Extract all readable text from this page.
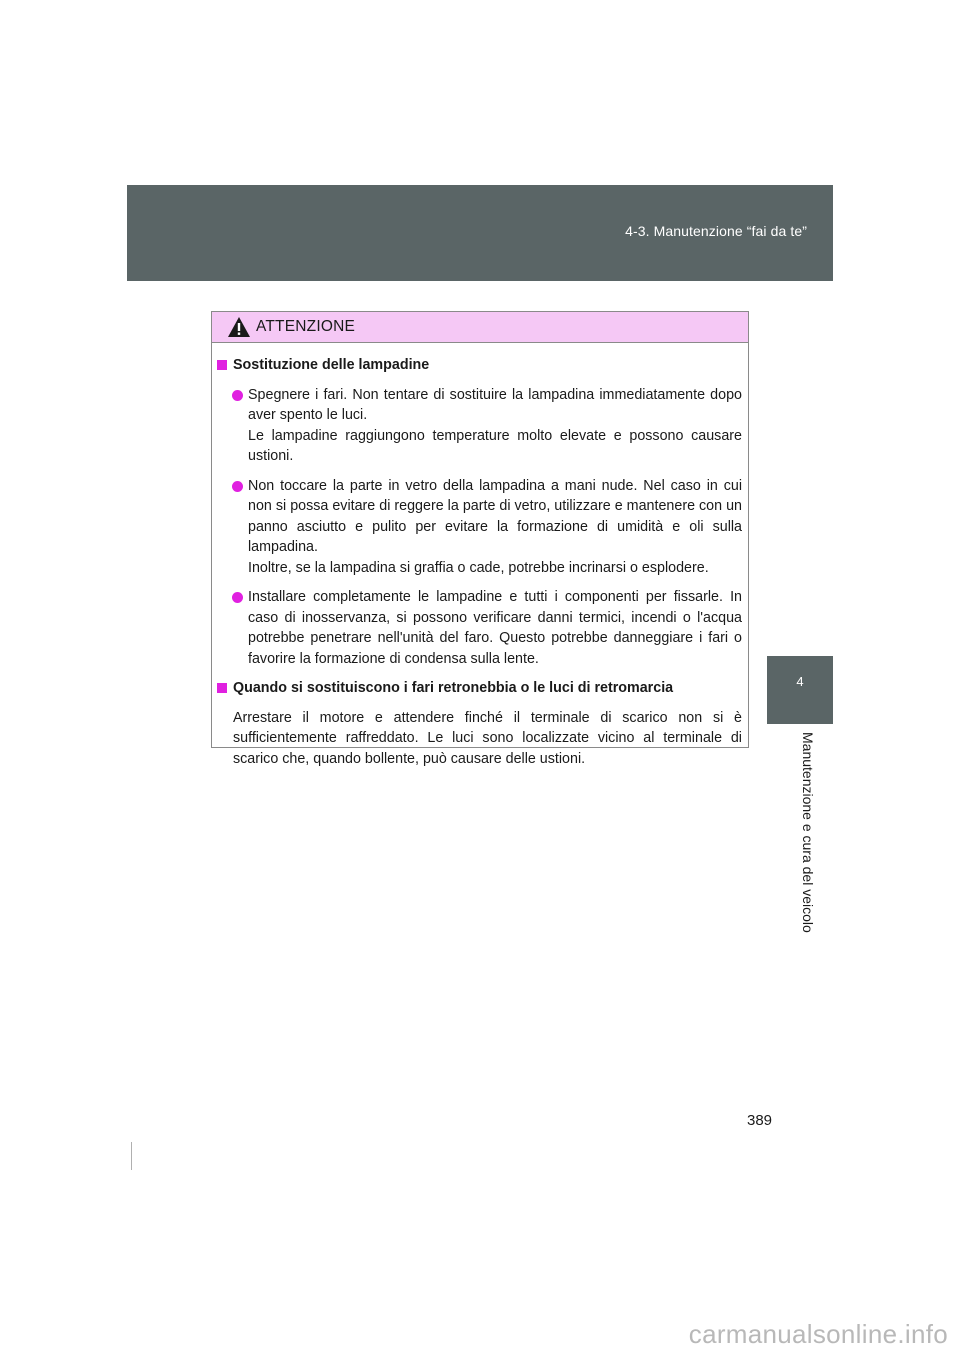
4-3. Manutenzione “fai da te”
4
Manutenzione e cura del veicolo
ATTENZIONE
Sostituzione delle lampadine
Spegnere i fari. Non tentare di sostituire la lampadina immediatamente dopo aver spento le luci.
Le lampadine raggiungono temperature molto elevate e possono causare ustioni.
Non toccare la parte in vetro della lampadina a mani nude. Nel caso in cui non si possa evitare di reggere la parte di vetro, utilizzare e mantenere con un panno asciutto e pulito per evitare la formazione di umidità e oli sulla lampadina.
Inoltre, se la lampadina si graffia o cade, potrebbe incrinarsi o esplodere.
Installare completamente le lampadine e tutti i componenti per fissarle. In caso di inosservanza, si possono verificare danni termici, incendi o l'acqua potrebbe penetrare nell'unità del faro. Questo potrebbe danneggiare i fari o favorire la formazione di condensa sulla lente.
Quando si sostituiscono i fari retronebbia o le luci di retromarcia
Arrestare il motore e attendere finché il terminale di scarico non si è sufficientemente raffreddato. Le luci sono localizzate vicino al terminale di scarico che, quando bollente, può causare delle ustioni.
389
carmanualsonline.info
